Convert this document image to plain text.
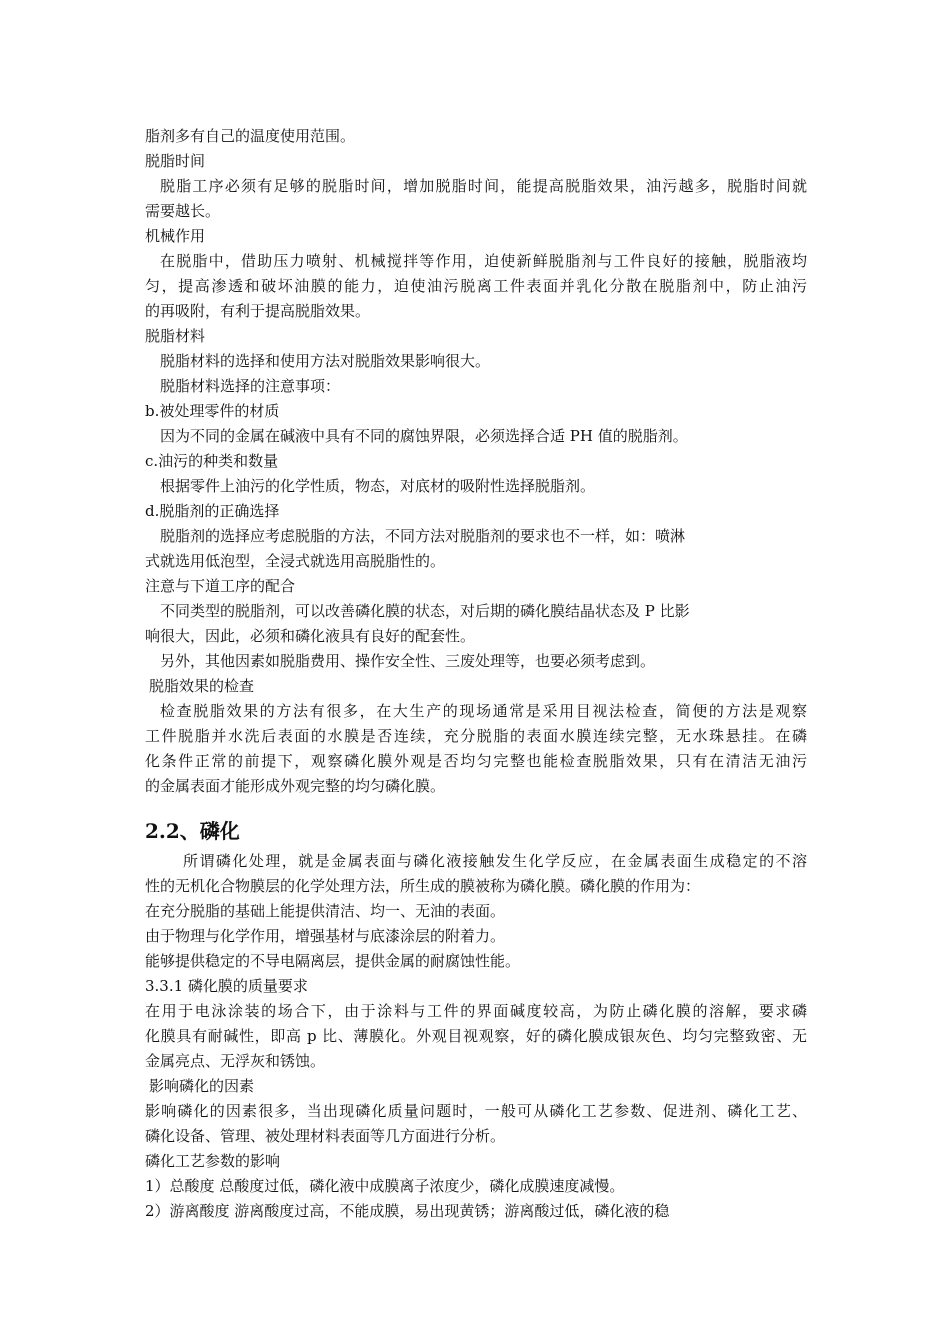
脂剂多有自己的温度使用范围。
脱脂时间
脱脂工序必须有足够的脱脂时间，增加脱脂时间，能提高脱脂效果，油污越多，脱脂时间就
需要越长。
机械作用
在脱脂中，借助压力喷射、机械搅拌等作用，迫使新鲜脱脂剂与工件良好的接触，脱脂液均
匀，提高渗透和破坏油膜的能力，迫使油污脱离工件表面并乳化分散在脱脂剂中，防止油污
的再吸附，有利于提高脱脂效果。
脱脂材料
脱脂材料的选择和使用方法对脱脂效果影响很大。
脱脂材料选择的注意事项：
b.被处理零件的材质
因为不同的金属在碱液中具有不同的腐蚀界限，必须选择合适 PH 值的脱脂剂。
c.油污的种类和数量
根据零件上油污的化学性质，物态，对底材的吸附性选择脱脂剂。
d.脱脂剂的正确选择
脱脂剂的选择应考虑脱脂的方法，不同方法对脱脂剂的要求也不一样，如：喷淋
式就选用低泡型，全浸式就选用高脱脂性的。
注意与下道工序的配合
不同类型的脱脂剂，可以改善磷化膜的状态，对后期的磷化膜结晶状态及 P 比影
响很大，因此，必须和磷化液具有良好的配套性。
另外，其他因素如脱脂费用、操作安全性、三废处理等，也要必须考虑到。
脱脂效果的检查
检查脱脂效果的方法有很多，在大生产的现场通常是采用目视法检查，简便的方法是观察
工件脱脂并水洗后表面的水膜是否连续，充分脱脂的表面水膜连续完整，无水珠悬挂。在磷
化条件正常的前提下，观察磷化膜外观是否均匀完整也能检查脱脂效果，只有在清洁无油污
的金属表面才能形成外观完整的均匀磷化膜。
2.2、磷化
所谓磷化处理，就是金属表面与磷化液接触发生化学反应，在金属表面生成稳定的不溶
性的无机化合物膜层的化学处理方法，所生成的膜被称为磷化膜。磷化膜的作用为：
在充分脱脂的基础上能提供清洁、均一、无油的表面。
由于物理与化学作用，增强基材与底漆涂层的附着力。
能够提供稳定的不导电隔离层，提供金属的耐腐蚀性能。
3.3.1 磷化膜的质量要求
在用于电泳涂装的场合下，由于涂料与工件的界面碱度较高，为防止磷化膜的溶解，要求磷
化膜具有耐碱性，即高 p 比、薄膜化。外观目视观察，好的磷化膜成银灰色、均匀完整致密、无
金属亮点、无浮灰和锈蚀。
影响磷化的因素
影响磷化的因素很多，当出现磷化质量问题时，一般可从磷化工艺参数、促进剂、磷化工艺、
磷化设备、管理、被处理材料表面等几方面进行分析。
磷化工艺参数的影响
1）总酸度 总酸度过低，磷化液中成膜离子浓度少，磷化成膜速度减慢。
2）游离酸度 游离酸度过高，不能成膜，易出现黄锈；游离酸过低，磷化液的稳
